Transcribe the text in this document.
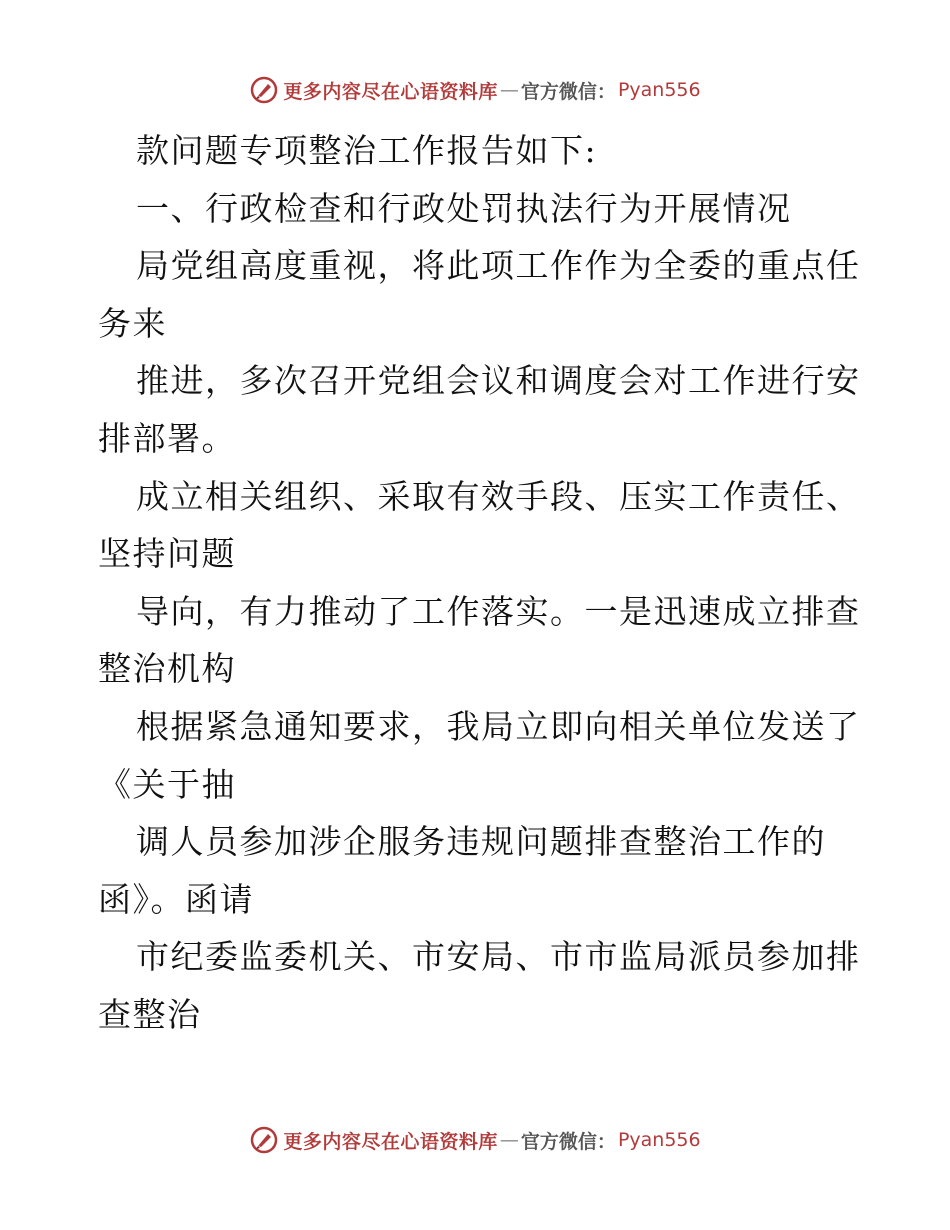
更多内容尽在心语资料库 — 官方微信： Pyan556
款问题专项整治工作报告如下:
一、行政检查和行政处罚执法行为开展情况
局党组高度重视，将此项工作作为全委的重点任
务来
推进，多次召开党组会议和调度会对工作进行安
排部署。
成立相关组织、采取有效手段、压实工作责任、
坚持问题
导向，有力推动了工作落实。一是迅速成立排查
整治机构
根据紧急通知要求，我局立即向相关单位发送了
《关于抽
调人员参加涉企服务违规问题排查整治工作的
函》。函请
市纪委监委机关、市安局、市市监局派员参加排
查整治
更多内容尽在心语资料库 — 官方微信： Pyan556
